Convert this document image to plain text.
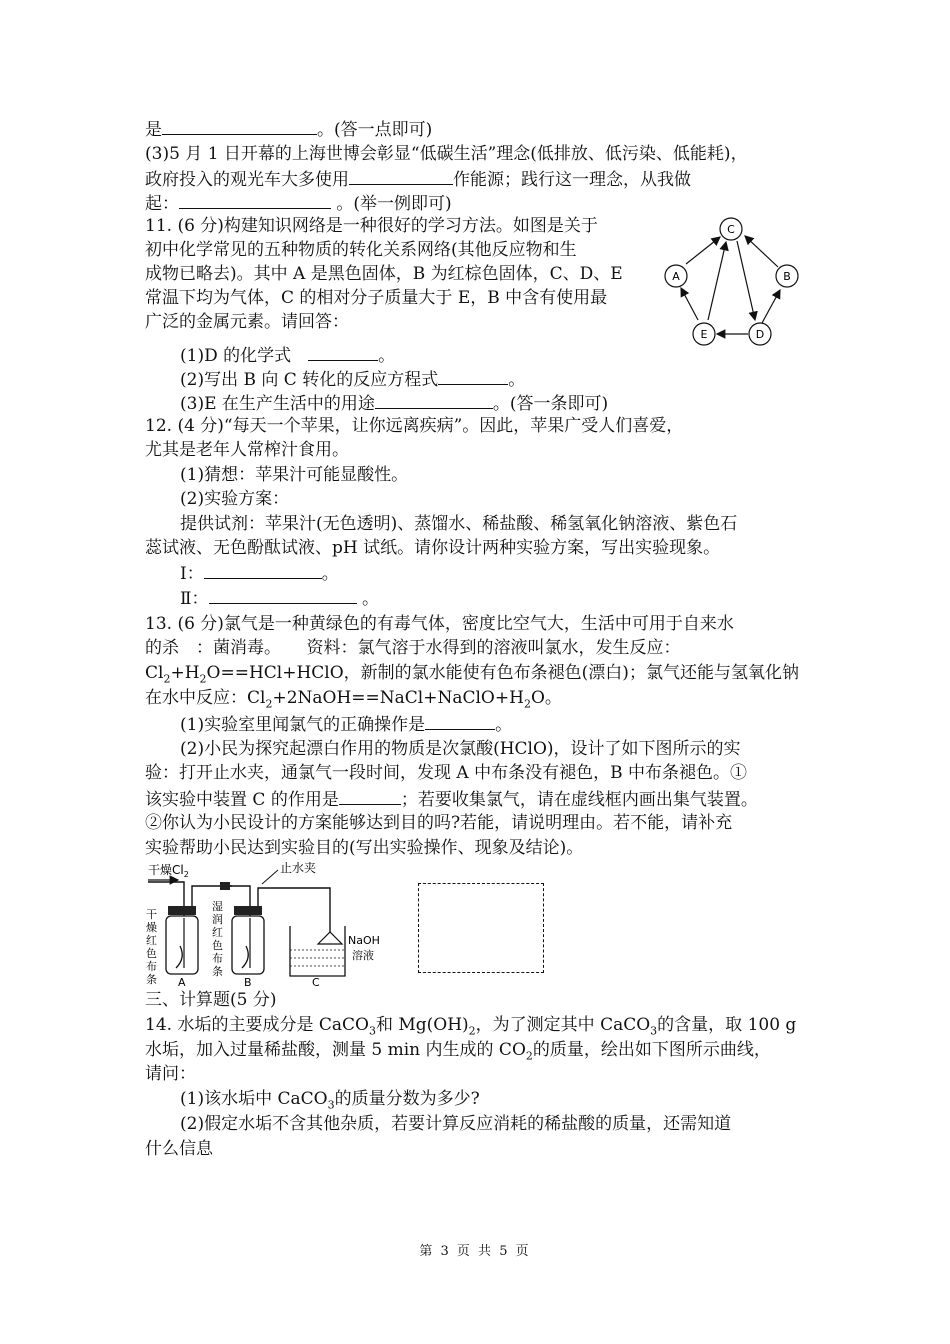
是	。(答一点即可)
(3)5 月 1 日开幕的上海世博会彰显“低碳生活”理念(低排放、低污染、低能耗)，
政府投入的观光车大多使用	作能源；践行这一理念，从我做
起：	。(举一例即可)
11. (6 分)构建知识网络是一种很好的学习方法。如图是关于
初中化学常见的五种物质的转化关系网络(其他反应物和生
成物已略去)。其中 A 是黑色固体，B 为红棕色固体，C、D、E
常温下均为气体，C 的相对分子质量大于 E，B 中含有使用最
广泛的金属元素。请回答：
(1)D 的化学式　	。
(2)写出 B 向 C 转化的反应方程式	。
(3)E 在生产生活中的用途	。(答一条即可)
C
A	B
E	D
12. (4 分)“每天一个苹果，让你远离疾病”。因此，苹果广受人们喜爱，
尤其是老年人常榨汁食用。
(1)猜想：苹果汁可能显酸性。
(2)实验方案：
提供试剂：苹果汁(无色透明)、蒸馏水、稀盐酸、稀氢氧化钠溶液、紫色石
蕊试液、无色酚酞试液、pH 试纸。请你设计两种实验方案，写出实验现象。
Ⅰ：	。
Ⅱ：	。
13. (6 分)氯气是一种黄绿色的有毒气体，密度比空气大，生活中可用于自来水
的杀　：菌消毒。　　资料：氯气溶于水得到的溶液叫氯水，发生反应：
$Cl_2+H_2O==HCl+HClO$，新制的氯水能使有色布条褪色(漂白)；氯气还能与氢氧化钠
在水中反应：$Cl_2+2NaOH==NaCl+NaClO+H_2O$。
(1)实验室里闻氯气的正确操作是	。
(2)小民为探究起漂白作用的物质是次氯酸(HClO)，设计了如下图所示的实
验：打开止水夹，通氯气一段时间，发现 A 中布条没有褪色，B 中布条褪色。①
该实验中装置 C 的作用是	；若要收集氯气，请在虚线框内画出集气装置。
②你认为小民设计的方案能够达到目的吗?若能，请说明理由。若不能，请补充
实验帮助小民达到实验目的(写出实验操作、现象及结论)。
干燥$Cl_2$	止水夹
NaOH
溶液
干
燥
红
色
布
条
湿
润
红
色
布
条
A	B	C
三、计算题(5 分)
14. 水垢的主要成分是 CaCO$_3$和 $Mg(OH)_2$，为了测定其中 CaCO$_3$的含量，取 100 g
水垢，加入过量稀盐酸，测量 5 min 内生成的 $CO_2$的质量，绘出如下图所示曲线，
请问：
(1)该水垢中 CaCO$_3$的质量分数为多少?
(2)假定水垢不含其他杂质，若要计算反应消耗的稀盐酸的质量，还需知道
什么信息
第 3 页 共 5 页
